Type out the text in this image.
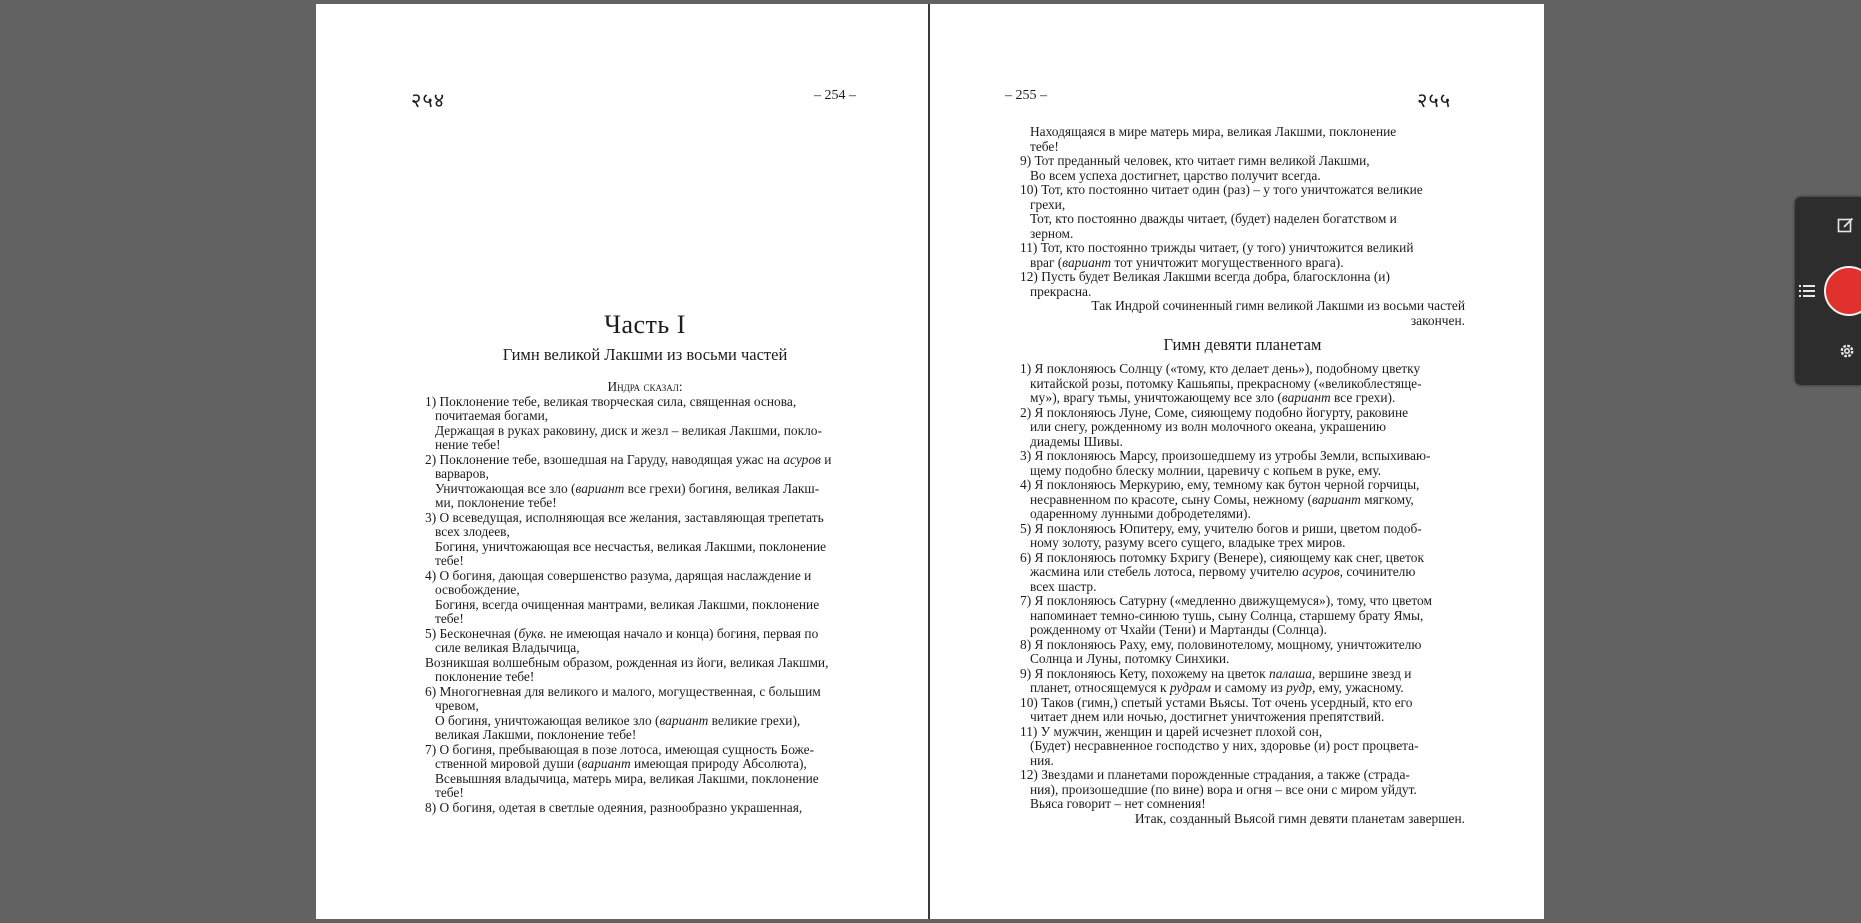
२५४	– 254 –

Часть I

Гимн великой Лакшми из восьми частей

Индра сказал:

1) Поклонение тебе, великая творческая сила, священная основа,

почитаемая богами,

Держащая в руках раковину, диск и жезл – великая Лакшми, покло-

нение тебе!

2) Поклонение тебе, взошедшая на Гаруду, наводящая ужас на асуров и

варваров,

Уничтожающая все зло (вариант все грехи) богиня, великая Лакш-

ми, поклонение тебе!

3) О всеведущая, исполняющая все желания, заставляющая трепетать

всех злодеев,

Богиня, уничтожающая все несчастья, великая Лакшми, поклонение

тебе!

4) О богиня, дающая совершенство разума, дарящая наслаждение и

освобождение,

Богиня, всегда очищенная мантрами, великая Лакшми, поклонение

тебе!

5) Бесконечная (букв. не имеющая начало и конца) богиня, первая по

силе великая Владычица,

Возникшая волшебным образом, рожденная из йоги, великая Лакшми,

поклонение тебе!

6) Многогневная для великого и малого, могущественная, с большим

чревом,

О богиня, уничтожающая великое зло (вариант великие грехи),

великая Лакшми, поклонение тебе!

7) О богиня, пребывающая в позе лотоса, имеющая сущность Боже-

ственной мировой души (вариант имеющая природу Абсолюта),

Всевышняя владычица, матерь мира, великая Лакшми, поклонение

тебе!

8) О богиня, одетая в светлые одеяния, разнообразно украшенная,

– 255 –	२५५

Находящаяся в мире матерь мира, великая Лакшми, поклонение

тебе!

9) Тот преданный человек, кто читает гимн великой Лакшми,

Во всем успеха достигнет, царство получит всегда.

10) Тот, кто постоянно читает один (раз) – у того уничтожатся великие

грехи,

Тот, кто постоянно дважды читает, (будет) наделен богатством и

зерном.

11) Тот, кто постоянно трижды читает, (у того) уничтожится великий

враг (вариант тот уничтожит могущественного врага).

12) Пусть будет Великая Лакшми всегда добра, благосклонна (и)

прекрасна.

Так Индрой сочиненный гимн великой Лакшми из восьми частей

закончен.

Гимн девяти планетам

1) Я поклоняюсь Солнцу («тому, кто делает день»), подобному цветку

китайской розы, потомку Кашьяпы, прекрасному («великоблестяще-

му»), врагу тьмы, уничтожающему все зло (вариант все грехи).

2) Я поклоняюсь Луне, Соме, сияющему подобно йогурту, раковине

или снегу, рожденному из волн молочного океана, украшению

диадемы Шивы.

3) Я поклоняюсь Марсу, произошедшему из утробы Земли, вспыхиваю-

щему подобно блеску молнии, царевичу с копьем в руке, ему.

4) Я поклоняюсь Меркурию, ему, темному как бутон черной горчицы,

несравненном по красоте, сыну Сомы, нежному (вариант мягкому,

одаренному лунными добродетелями).

5) Я поклоняюсь Юпитеру, ему, учителю богов и риши, цветом подоб-

ному золоту, разуму всего сущего, владыке трех миров.

6) Я поклоняюсь потомку Бхригу (Венере), сияющему как снег, цветок

жасмина или стебель лотоса, первому учителю асуров, сочинителю

всех шастр.

7) Я поклоняюсь Сатурну («медленно движущемуся»), тому, что цветом

напоминает темно-синюю тушь, сыну Солнца, старшему брату Ямы,

рожденному от Чхайи (Тени) и Мартанды (Солнца).

8) Я поклоняюсь Раху, ему, половинотелому, мощному, уничтожителю

Солнца и Луны, потомку Синхики.

9) Я поклоняюсь Кету, похожему на цветок палаша, вершине звезд и

планет, относящемуся к рудрам и самому из рудр, ему, ужасному.

10) Таков (гимн,) спетый устами Вьясы. Тот очень усердный, кто его

читает днем или ночью, достигнет уничтожения препятствий.

11) У мужчин, женщин и царей исчезнет плохой сон,

(Будет) несравненное господство у них, здоровье (и) рост процвета-

ния.

12) Звездами и планетами порожденные страдания, а также (страда-

ния), произошедшие (по вине) вора и огня – все они с миром уйдут.

Вьяса говорит – нет сомнения!

Итак, созданный Вьясой гимн девяти планетам завершен.
